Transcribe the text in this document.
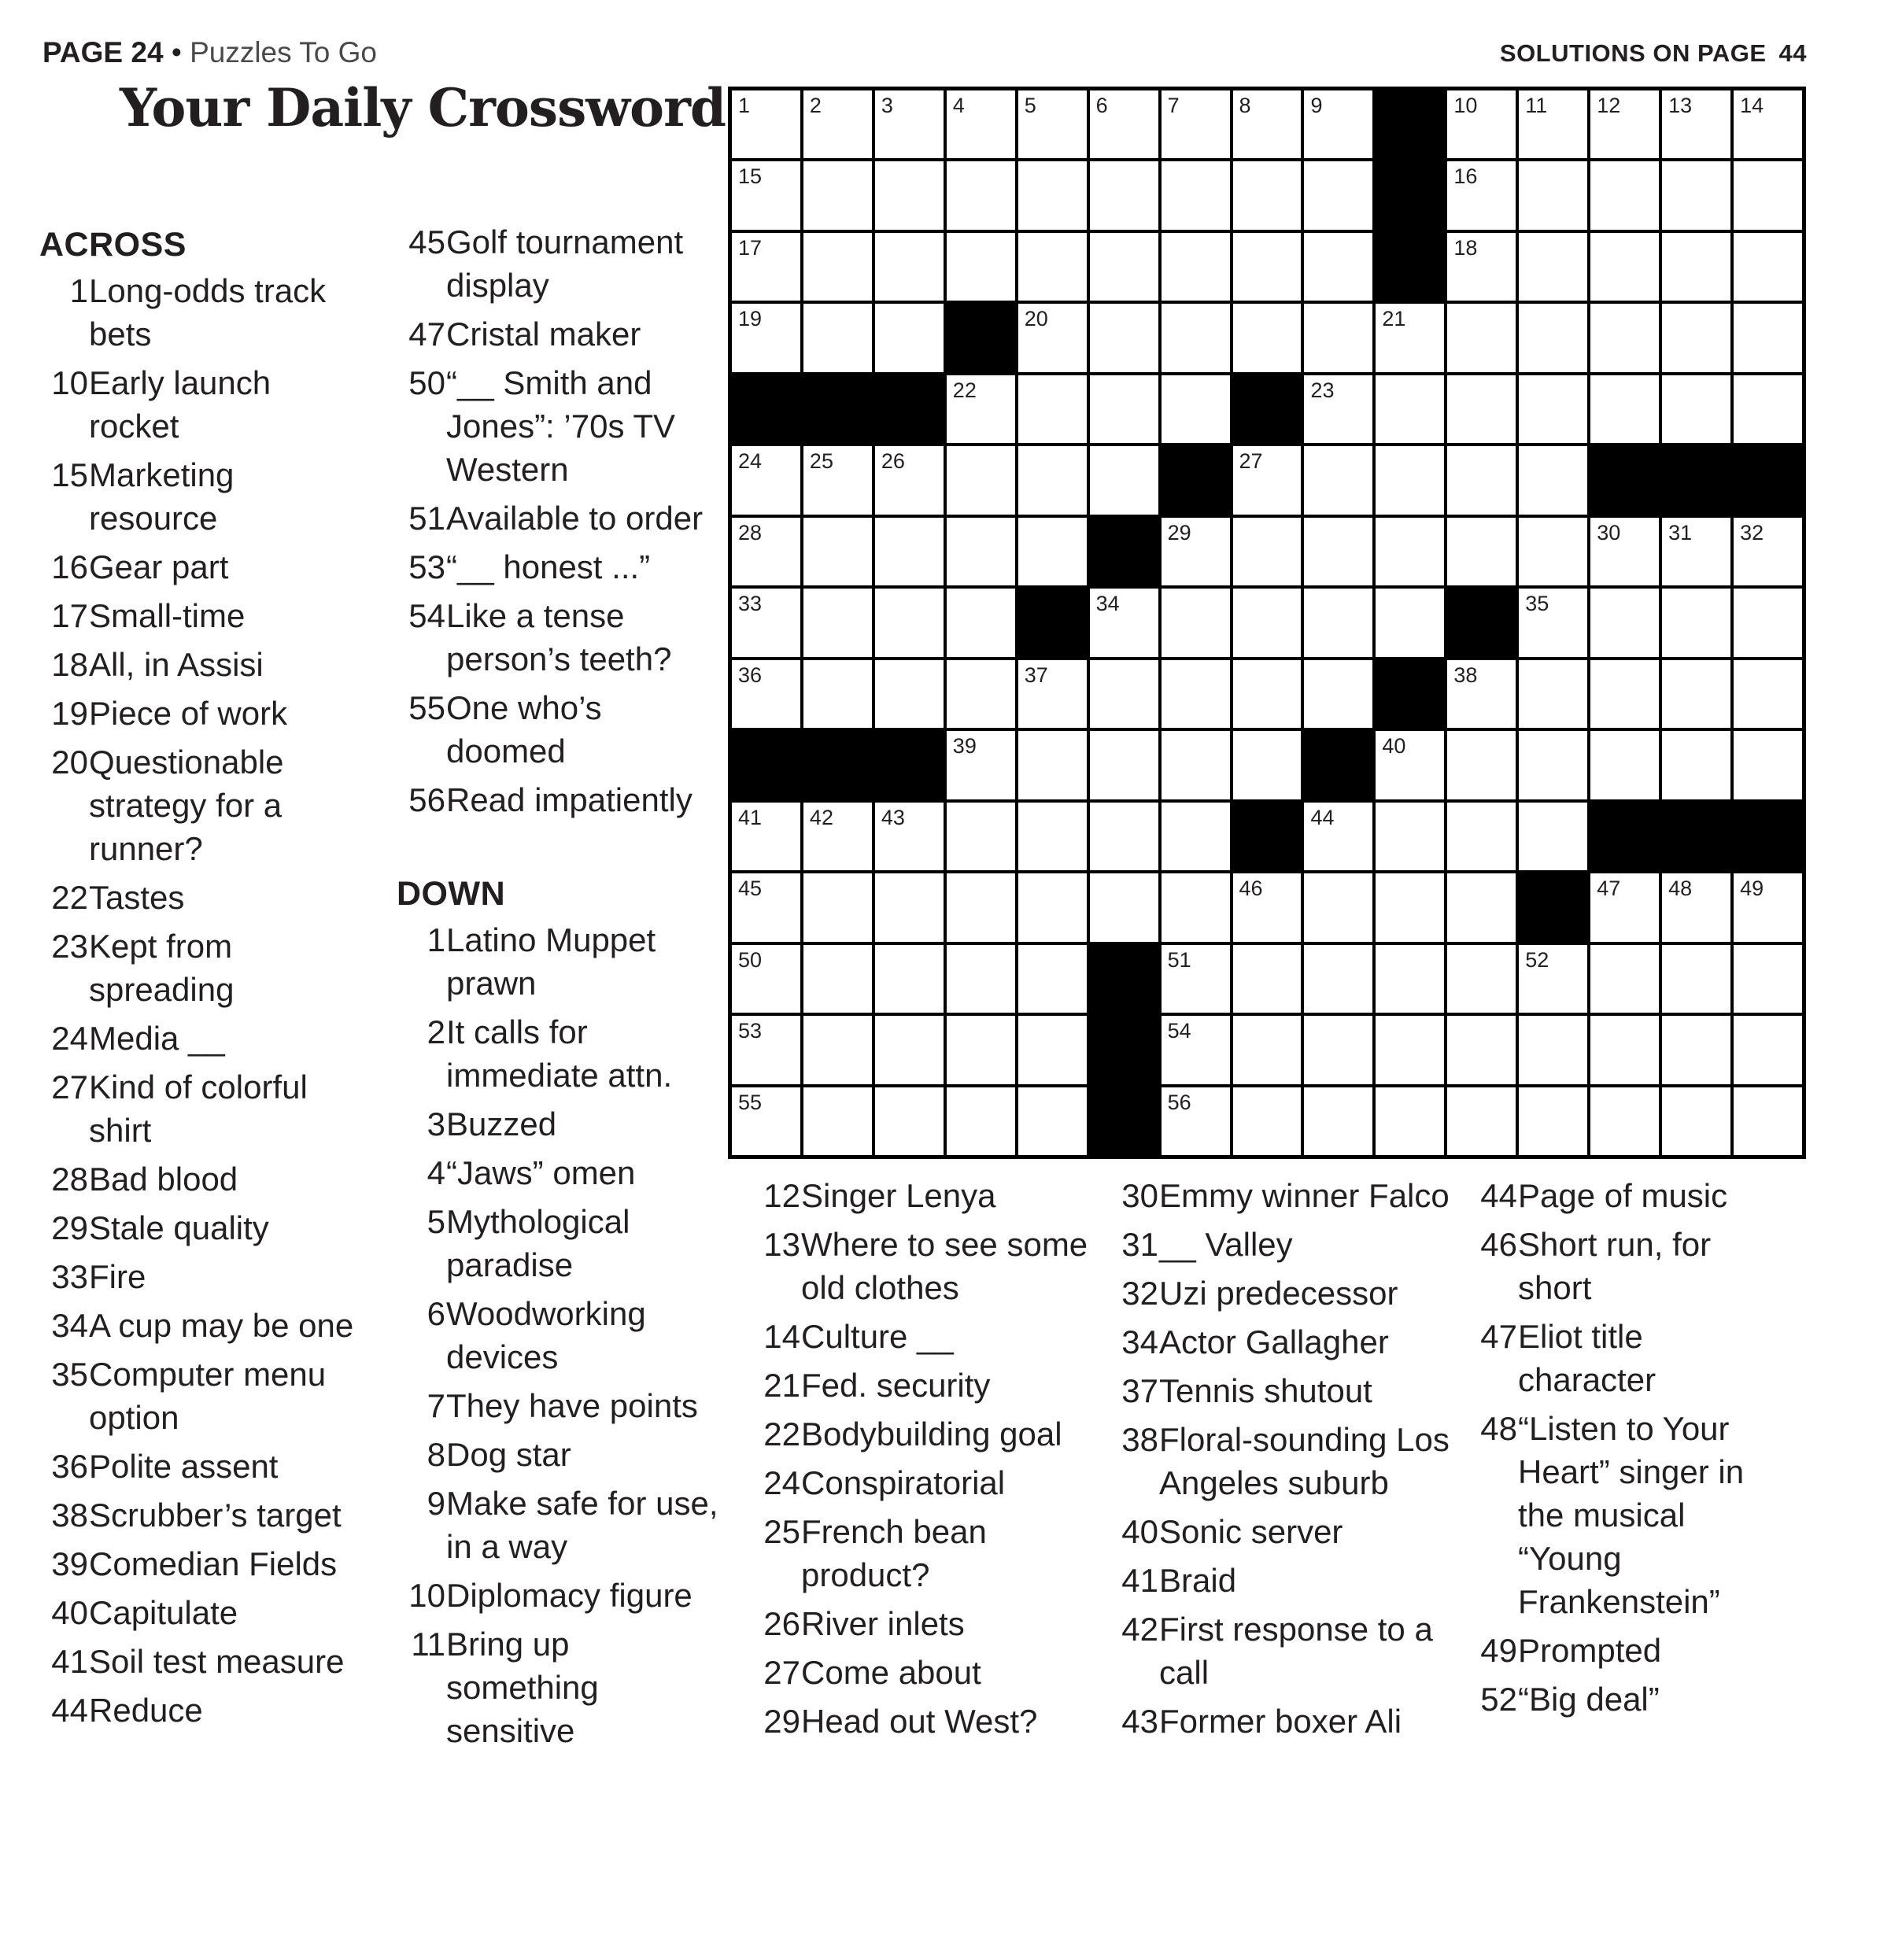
PAGE 24 • Puzzles To Go	SOLUTIONS ON PAGE 44
Your Daily Crossword
ACROSS
1 Long-odds track bets
10 Early launch rocket
15 Marketing resource
16 Gear part
17 Small-time
18 All, in Assisi
19 Piece of work
20 Questionable strategy for a runner?
22 Tastes
23 Kept from spreading
24 Media __
27 Kind of colorful shirt
28 Bad blood
29 Stale quality
33 Fire
34 A cup may be one
35 Computer menu option
36 Polite assent
38 Scrubber’s target
39 Comedian Fields
40 Capitulate
41 Soil test measure
44 Reduce
45 Golf tournament display
47 Cristal maker
50 “__ Smith and Jones”: ’70s TV Western
51 Available to order
53 “__ honest ...”
54 Like a tense person’s teeth?
55 One who’s doomed
56 Read impatiently
DOWN
1 Latino Muppet prawn
2 It calls for immediate attn.
3 Buzzed
4 “Jaws” omen
5 Mythological paradise
6 Woodworking devices
7 They have points
8 Dog star
9 Make safe for use, in a way
10 Diplomacy figure
11 Bring up something sensitive
12 Singer Lenya
13 Where to see some old clothes
14 Culture __
21 Fed. security
22 Bodybuilding goal
24 Conspiratorial
25 French bean product?
26 River inlets
27 Come about
29 Head out West?
30 Emmy winner Falco
31 __ Valley
32 Uzi predecessor
34 Actor Gallagher
37 Tennis shutout
38 Floral-sounding Los Angeles suburb
40 Sonic server
41 Braid
42 First response to a call
43 Former boxer Ali
44 Page of music
46 Short run, for short
47 Eliot title character
48 “Listen to Your Heart” singer in the musical “Young Frankenstein”
49 Prompted
52 “Big deal”
1	2	3	4	5	6	7	8	9	10 11 12 13 14
15	16
17	18
19	20	21
22	23
24 25 26	27
28	29	30 31 32
33	34	35
36	37	38
39	40
41 42 43	44
45	46	47 48 49
50	51	52
53	54
55	56
